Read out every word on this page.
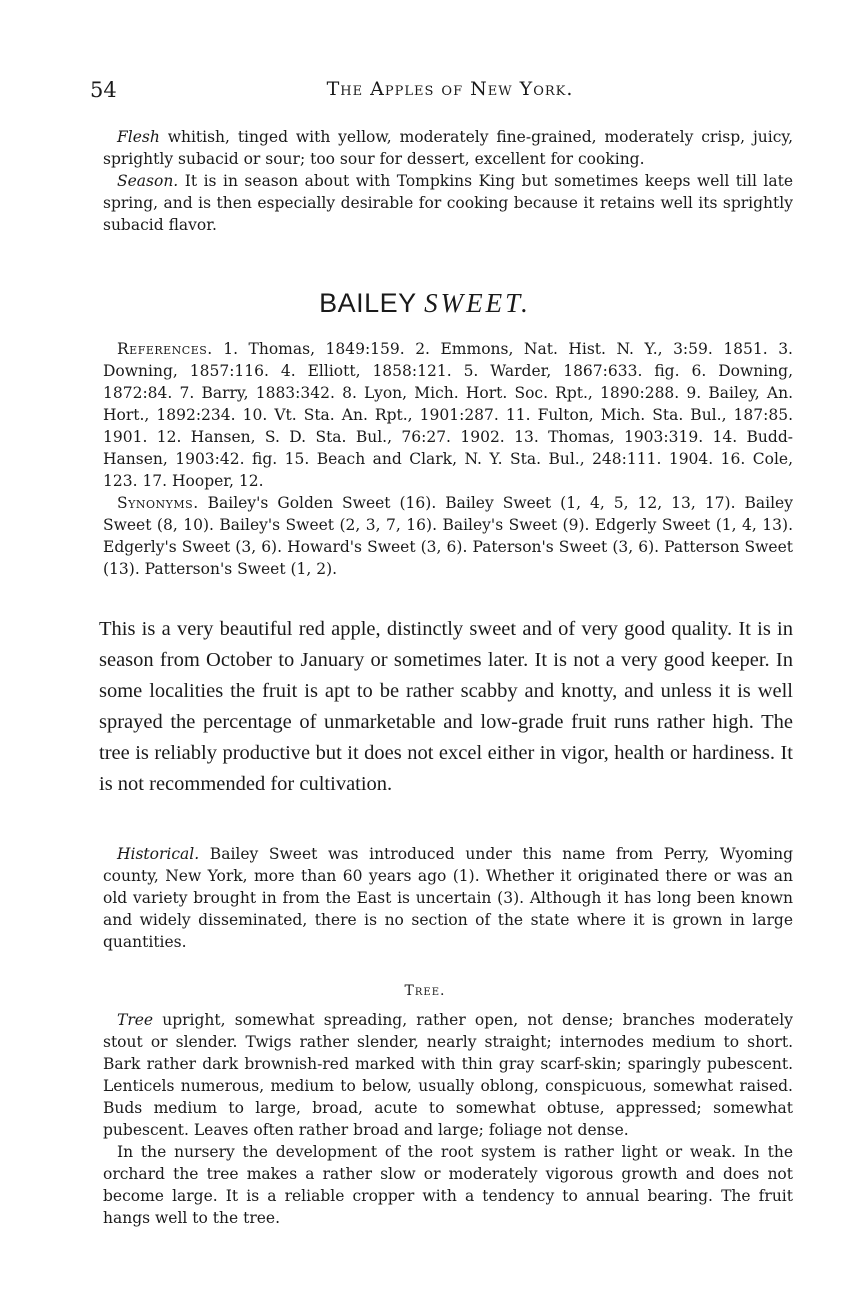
54	The Apples of New York.

Flesh whitish, tinged with yellow, moderately fine-grained, moderately crisp, juicy, sprightly subacid or sour; too sour for dessert, excellent for cooking.

Season. It is in season about with Tompkins King but sometimes keeps well till late spring, and is then especially desirable for cooking because it retains well its sprightly subacid flavor.

BAILEY SWEET.

References. 1. Thomas, 1849:159. 2. Emmons, Nat. Hist. N. Y., 3:59. 1851. 3. Downing, 1857:116. 4. Elliott, 1858:121. 5. Warder, 1867:633. fig. 6. Downing, 1872:84. 7. Barry, 1883:342. 8. Lyon, Mich. Hort. Soc. Rpt., 1890:288. 9. Bailey, An. Hort., 1892:234. 10. Vt. Sta. An. Rpt., 1901:287. 11. Fulton, Mich. Sta. Bul., 187:85. 1901. 12. Hansen, S. D. Sta. Bul., 76:27. 1902. 13. Thomas, 1903:319. 14. Budd-Hansen, 1903:42. fig. 15. Beach and Clark, N. Y. Sta. Bul., 248:111. 1904. 16. Cole, 123. 17. Hooper, 12.

Synonyms. Bailey's Golden Sweet (16). Bailey Sweet (1, 4, 5, 12, 13, 17). Bailey Sweet (8, 10). Bailey's Sweet (2, 3, 7, 16). Bailey's Sweet (9). Edgerly Sweet (1, 4, 13). Edgerly's Sweet (3, 6). Howard's Sweet (3, 6). Paterson's Sweet (3, 6). Patterson Sweet (13). Patterson's Sweet (1, 2).

This is a very beautiful red apple, distinctly sweet and of very good quality. It is in season from October to January or sometimes later. It is not a very good keeper. In some localities the fruit is apt to be rather scabby and knotty, and unless it is well sprayed the percentage of unmarketable and low-grade fruit runs rather high. The tree is reliably productive but it does not excel either in vigor, health or hardiness. It is not recommended for cultivation.

Historical. Bailey Sweet was introduced under this name from Perry, Wyoming county, New York, more than 60 years ago (1). Whether it originated there or was an old variety brought in from the East is uncertain (3). Although it has long been known and widely disseminated, there is no section of the state where it is grown in large quantities.

Tree.

Tree upright, somewhat spreading, rather open, not dense; branches moderately stout or slender. Twigs rather slender, nearly straight; internodes medium to short. Bark rather dark brownish-red marked with thin gray scarf-skin; sparingly pubescent. Lenticels numerous, medium to below, usually oblong, conspicuous, somewhat raised. Buds medium to large, broad, acute to somewhat obtuse, appressed; somewhat pubescent. Leaves often rather broad and large; foliage not dense.

In the nursery the development of the root system is rather light or weak. In the orchard the tree makes a rather slow or moderately vigorous growth and does not become large. It is a reliable cropper with a tendency to annual bearing. The fruit hangs well to the tree.
